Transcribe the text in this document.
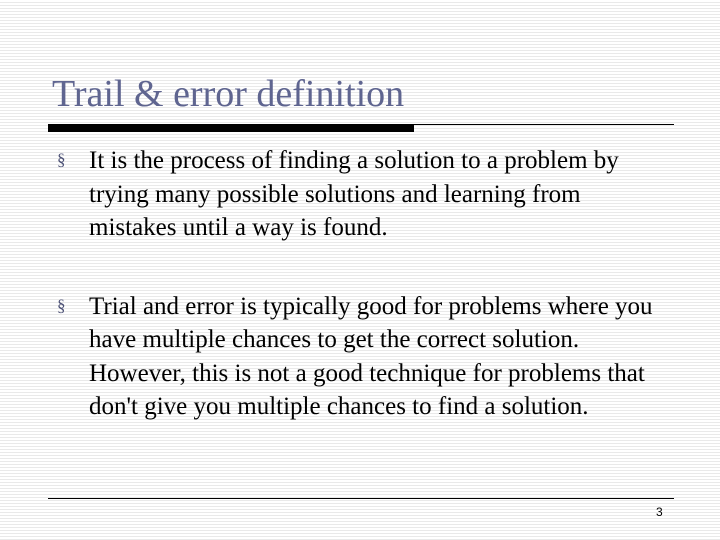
Trail & error definition
§ It is the process of finding a solution to a problem by trying many possible solutions and learning from mistakes until a way is found.
§ Trial and error is typically good for problems where you have multiple chances to get the correct solution. However, this is not a good technique for problems that don't give you multiple chances to find a solution.
3
